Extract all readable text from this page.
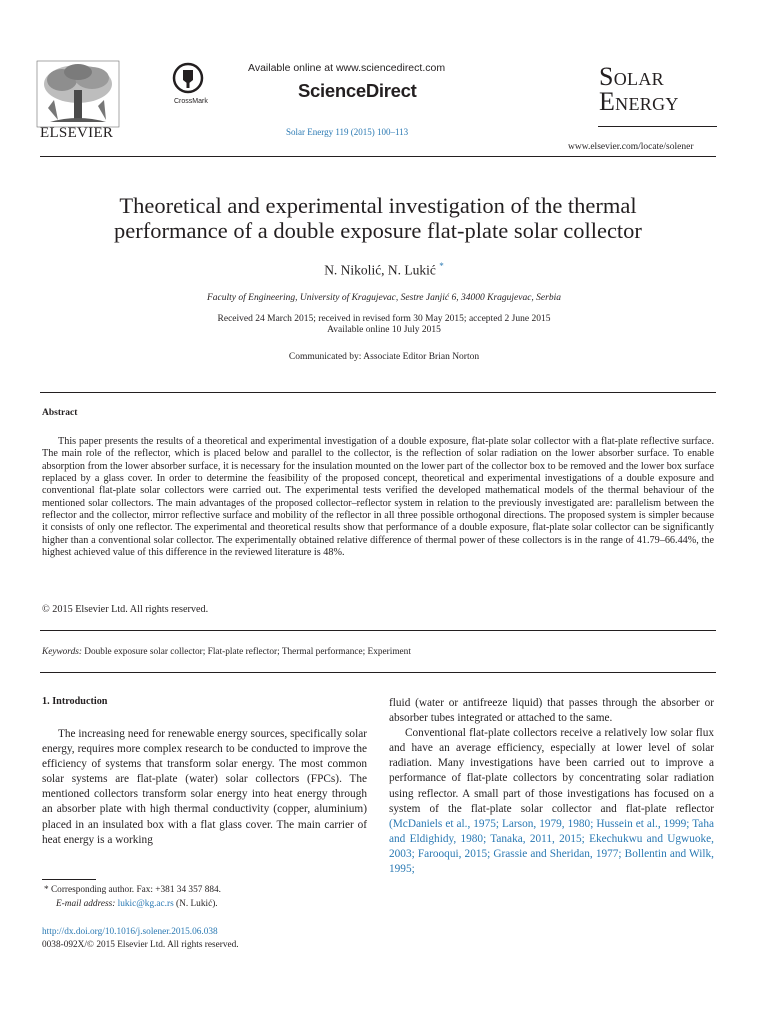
ELSEVIER
CrossMark
Available online at www.sciencedirect.com
ScienceDirect
Solar Energy 119 (2015) 100–113
Solar
Energy
www.elsevier.com/locate/solener
Theoretical and experimental investigation of the thermal performance of a double exposure flat-plate solar collector
N. Nikolić, N. Lukić *
Faculty of Engineering, University of Kragujevac, Sestre Janjić 6, 34000 Kragujevac, Serbia
Received 24 March 2015; received in revised form 30 May 2015; accepted 2 June 2015
Available online 10 July 2015
Communicated by: Associate Editor Brian Norton
Abstract
This paper presents the results of a theoretical and experimental investigation of a double exposure, flat-plate solar collector with a flat-plate reflective surface. The main role of the reflector, which is placed below and parallel to the collector, is the reflection of solar radiation on the lower absorber surface. To enable absorption from the lower absorber surface, it is necessary for the insulation mounted on the lower part of the collector box to be removed and the lower box surface replaced by a glass cover. In order to determine the feasibility of the proposed concept, theoretical and experimental investigations of a double exposure and conventional flat-plate solar collectors were carried out. The experimental tests verified the developed mathematical models of the thermal behaviour of the mentioned solar collectors. The main advantages of the proposed collector–reflector system in relation to the previously investigated are: parallelism between the reflector and the collector, mirror reflective surface and mobility of the reflector in all three possible orthogonal directions. The proposed system is simpler because it consists of only one reflector. The experimental and theoretical results show that performance of a double exposure, flat-plate solar collector can be significantly higher than a conventional solar collector. The experimentally obtained relative difference of thermal power of these collectors is in the range of 41.79–66.44%, the highest achieved value of this difference in the reviewed literature is 48%.
© 2015 Elsevier Ltd. All rights reserved.
Keywords: Double exposure solar collector; Flat-plate reflector; Thermal performance; Experiment
1. Introduction
The increasing need for renewable energy sources, specifically solar energy, requires more complex research to be conducted to improve the efficiency of systems that transform solar energy. The most common solar systems are flat-plate (water) solar collectors (FPCs). The mentioned collectors transform solar energy into heat energy through an absorber plate with high thermal conductivity (copper, aluminium) placed in an insulated box with a flat glass cover. The main carrier of heat energy is a working

fluid (water or antifreeze liquid) that passes through the absorber or absorber tubes integrated or attached to the same.

Conventional flat-plate collectors receive a relatively low solar flux and have an average efficiency, especially at lower level of solar radiation. Many investigations have been carried out to improve a performance of flat-plate collectors by concentrating solar radiation using reflector. A small part of those investigations has focused on a system of the flat-plate solar collector and flat-plate reflector (McDaniels et al., 1975; Larson, 1979, 1980; Hussein et al., 1999; Taha and Eldighidy, 1980; Tanaka, 2011, 2015; Ekechukwu and Ugwuoke, 2003; Farooqui, 2015; Grassie and Sheridan, 1977; Bollentin and Wilk, 1995;

* Corresponding author. Fax: +381 34 357 884.
E-mail address: lukic@kg.ac.rs (N. Lukić).
http://dx.doi.org/10.1016/j.solener.2015.06.038
0038-092X/© 2015 Elsevier Ltd. All rights reserved.
